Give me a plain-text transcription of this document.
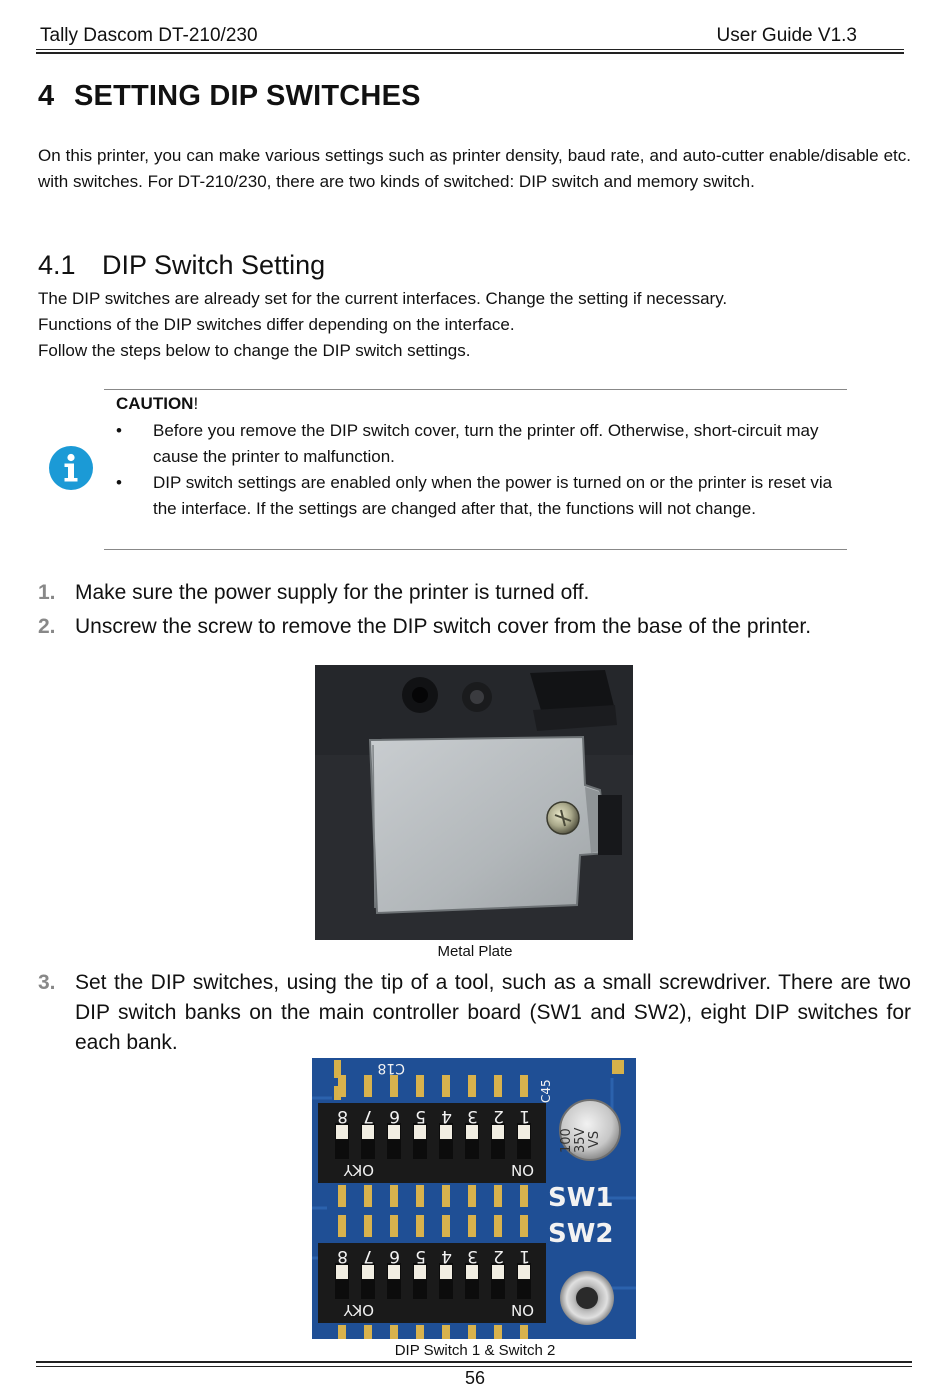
Tally Dascom DT-210/230	User Guide V1.3
4 SETTING DIP SWITCHES
On this printer, you can make various settings such as printer density, baud rate, and auto-cutter enable/disable etc. with switches. For DT-210/230, there are two kinds of switched: DIP switch and memory switch.
4.1 DIP Switch Setting
The DIP switches are already set for the current interfaces. Change the setting if necessary.
Functions of the DIP switches differ depending on the interface.
Follow the steps below to change the DIP switch settings.
CAUTION!
•	Before you remove the DIP switch cover, turn the printer off. Otherwise, short-circuit may cause the printer to malfunction.
•	DIP switch settings are enabled only when the power is turned on or the printer is reset via the interface. If the settings are changed after that, the functions will not change.
1. Make sure the power supply for the printer is turned off.
2. Unscrew the screw to remove the DIP switch cover from the base of the printer.
Metal Plate
3. Set the DIP switches, using the tip of a tool, such as a small screwdriver. There are two DIP switch banks on the main controller board (SW1 and SW2), eight DIP switches for each bank.
100 35V VS
C18
C45
SW1
SW2
ON
OKY
ON
OKY
8 7 6 5 4 3 2 1
8 7 6 5 4 3 2 1
DIP Switch 1 & Switch 2
56
